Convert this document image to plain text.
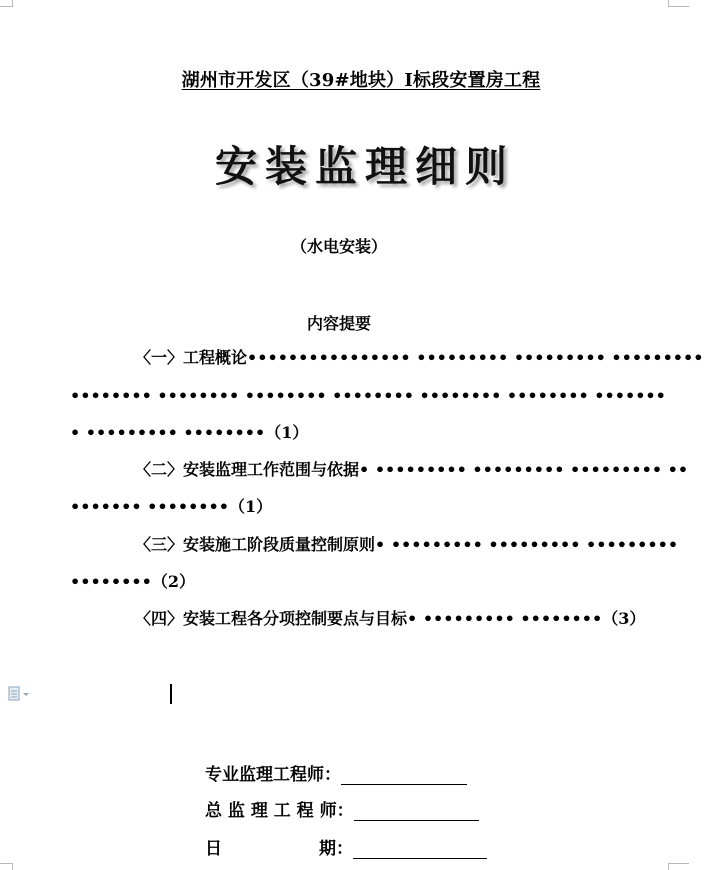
湖州市开发区（39#地块）I标段安置房工程
安装监理细则
（水电安装）
内容提要
〈一〉工程概论•••••••••••••••• ••••••••• ••••••••• •••••••••
•••••••• •••••••• •••••••• •••••••• •••••••• •••••••• •••••••
• ••••••••• ••••••••（1）
〈二〉安装监理工作范围与依据• ••••••••• ••••••••• ••••••••• ••
••••••• ••••••••（1）
〈三〉安装施工阶段质量控制原则• ••••••••• ••••••••• •••••••••
••••••••（2）
〈四〉安装工程各分项控制要点与目标• ••••••••• ••••••••（3）
专业监理工程师：
总 监 理 工 程 师：
日	期：
